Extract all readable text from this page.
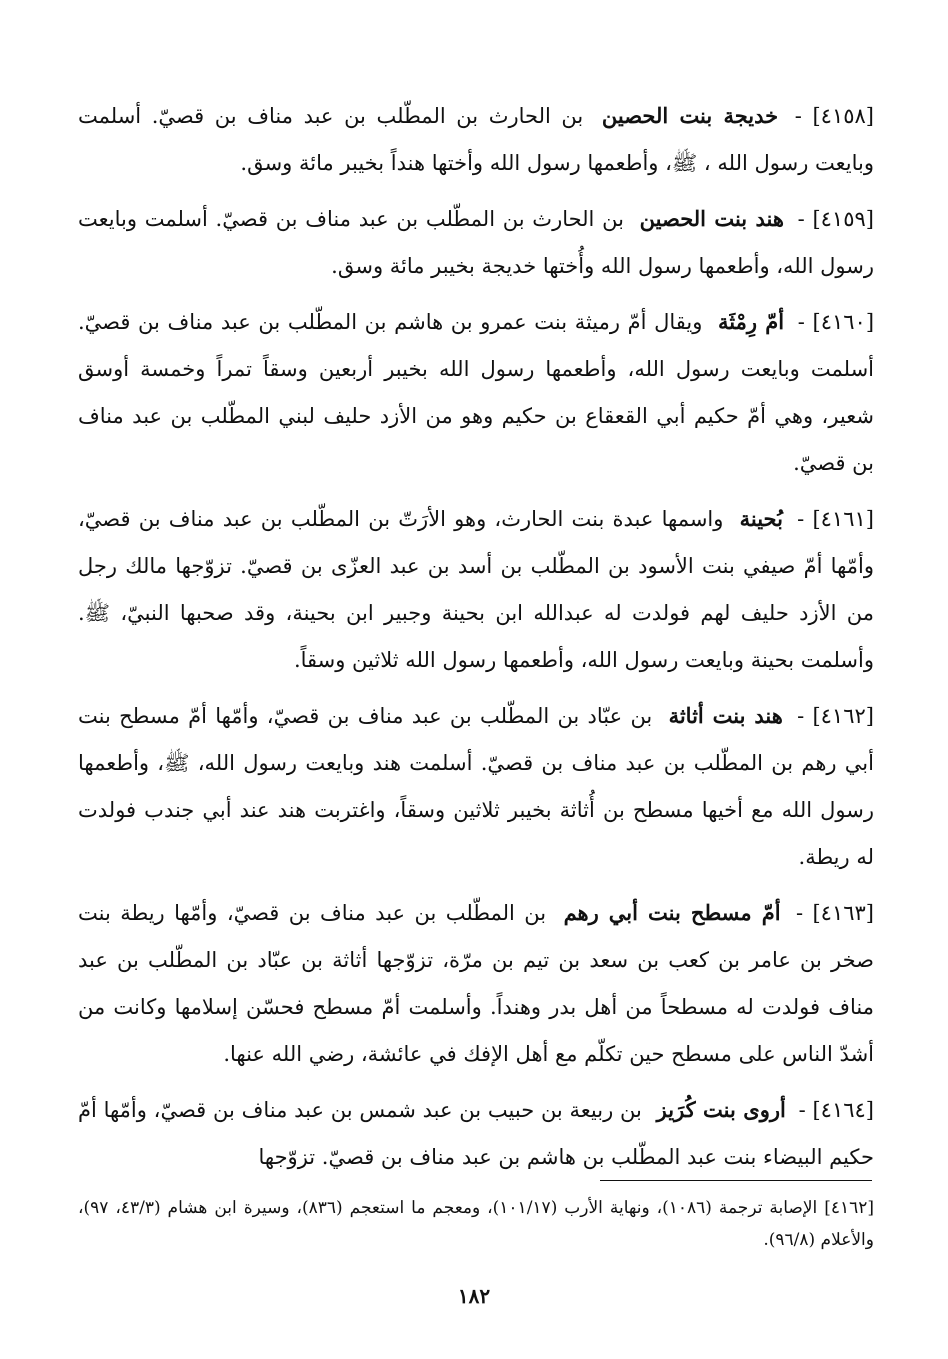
[٤١٥٨] - خديجة بنت الحصين بن الحارث بن المطّلب بن عبد مناف بن قصيّ. أسلمت وبايعت رسول الله ، ﷺ، وأطعمها رسول الله وأختها هنداً بخيبر مائة وسق.

[٤١٥٩] - هند بنت الحصين بن الحارث بن المطّلب بن عبد مناف بن قصيّ. أسلمت وبايعت رسول الله، وأطعمها رسول الله وأُختها خديجة بخيبر مائة وسق.

[٤١٦٠] - أمّ رِمْثَة ويقال أمّ رميثة بنت عمرو بن هاشم بن المطّلب بن عبد مناف بن قصيّ. أسلمت وبايعت رسول الله، وأطعمها رسول الله بخيبر أربعين وسقاً تمراً وخمسة أوسق شعير، وهي أمّ حكيم أبي القعقاع بن حكيم وهو من الأزد حليف لبني المطّلب بن عبد مناف بن قصيّ.

[٤١٦١] - بُحينة واسمها عبدة بنت الحارث، وهو الأرَتّ بن المطّلب بن عبد مناف بن قصيّ، وأمّها أمّ صيفي بنت الأسود بن المطّلب بن أسد بن عبد العزّى بن قصيّ. تزوّجها مالك رجل من الأزد حليف لهم فولدت له عبدالله ابن بحينة وجبير ابن بحينة، وقد صحبها النبيّ، ﷺ. وأسلمت بحينة وبايعت رسول الله، وأطعمها رسول الله ثلاثين وسقاً.

[٤١٦٢] - هند بنت أثاثة بن عبّاد بن المطّلب بن عبد مناف بن قصيّ، وأمّها أمّ مسطح بنت أبي رهم بن المطّلب بن عبد مناف بن قصيّ. أسلمت هند وبايعت رسول الله، ﷺ، وأطعمها رسول الله مع أخيها مسطح بن أُثاثة بخيبر ثلاثين وسقاً، واغتربت هند عند أبي جندب فولدت له ريطة.

[٤١٦٣] - أمّ مسطح بنت أبي رهم بن المطّلب بن عبد مناف بن قصيّ، وأمّها ريطة بنت صخر بن عامر بن كعب بن سعد بن تيم بن مرّة، تزوّجها أثاثة بن عبّاد بن المطّلب بن عبد مناف فولدت له مسطحاً من أهل بدر وهنداً. وأسلمت أمّ مسطح فحسّن إسلامها وكانت من أشدّ الناس على مسطح حين تكلّم مع أهل الإفك في عائشة، رضي الله عنها.

[٤١٦٤] - أروى بنت كُرَيز بن ربيعة بن حبيب بن عبد شمس بن عبد مناف بن قصيّ، وأمّها أمّ حكيم البيضاء بنت عبد المطّلب بن هاشم بن عبد مناف بن قصيّ. تزوّجها

[٤١٦٢] الإصابة ترجمة (١٠٨٦)، ونهاية الأرب (١٠١/١٧)، ومعجم ما استعجم (٨٣٦)، وسيرة ابن هشام (٤٣/٣، ٩٧)، والأعلام (٩٦/٨).
١٨٢
